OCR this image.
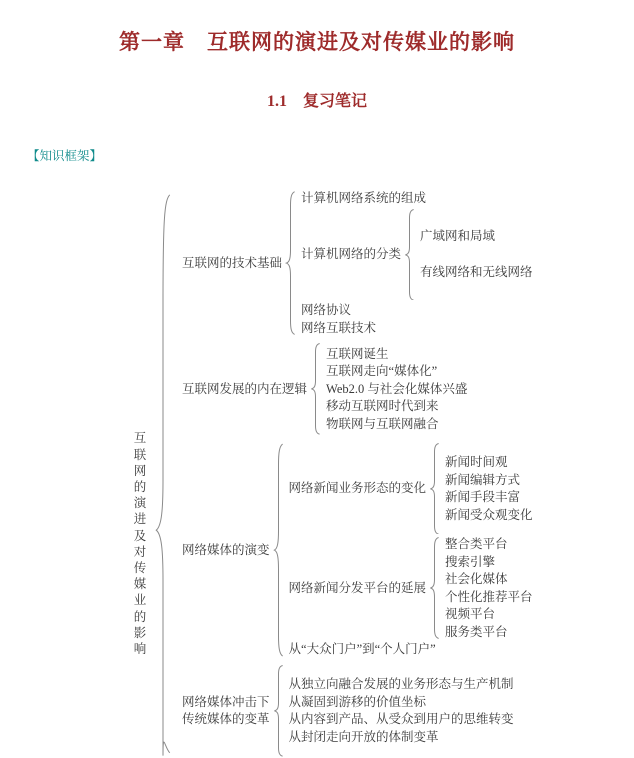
第一章　互联网的演进及对传媒业的影响
1.1　复习笔记
【知识框架】
互联网的演进及对传媒业的影响
互联网的技术基础
计算机网络系统的组成
计算机网络的分类
广域网和局域
有线网络和无线网络
网络协议
网络互联技术
互联网发展的内在逻辑
互联网诞生
互联网走向“媒体化”
Web2.0 与社会化媒体兴盛
移动互联网时代到来
物联网与互联网融合
网络媒体的演变
网络新闻业务形态的变化
新闻时间观
新闻编辑方式
新闻手段丰富
新闻受众观变化
网络新闻分发平台的延展
整合类平台
搜索引擎
社会化媒体
个性化推荐平台
视频平台
服务类平台
从“大众门户”到“个人门户”
网络媒体冲击下传统媒体的变革
从独立向融合发展的业务形态与生产机制
从凝固到游移的价值坐标
从内容到产品、从受众到用户的思维转变
从封闭走向开放的体制变革
